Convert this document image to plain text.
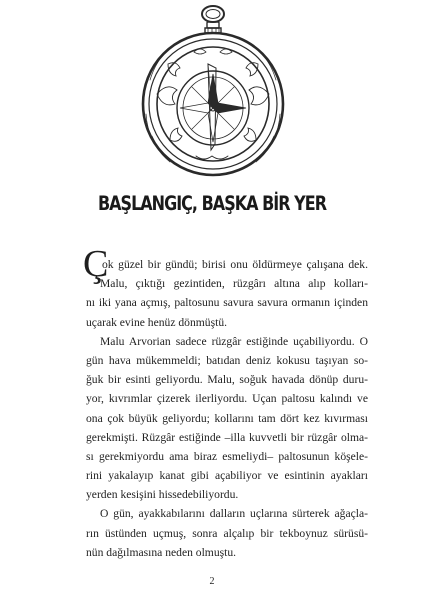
BAŞLANGIÇ, BAŞKA BİR YER
Ç
ok güzel bir gündü; birisi onu öldürmeye çalışana dek.
Malu, çıktığı gezintiden, rüzgârı altına alıp kolları-
nı iki yana açmış, paltosunu savura savura ormanın içinden
uçarak evine henüz dönmüştü.
Malu Arvorian sadece rüzgâr estiğinde uçabiliyordu. O
gün hava mükemmeldi; batıdan deniz kokusu taşıyan so-
ğuk bir esinti geliyordu. Malu, soğuk havada dönüp duru-
yor, kıvrımlar çizerek ilerliyordu. Uçan paltosu kalındı ve
ona çok büyük geliyordu; kollarını tam dört kez kıvırması
gerekmişti. Rüzgâr estiğinde –illa kuvvetli bir rüzgâr olma-
sı gerekmiyordu ama biraz esmeliydi– paltosunun köşele-
rini yakalayıp kanat gibi açabiliyor ve esintinin ayakları
yerden kesişini hissedebiliyordu.
O gün, ayakkabılarını dalların uçlarına sürterek ağaçla-
rın üstünden uçmuş, sonra alçalıp bir tekboynuz sürüsü-
nün dağılmasına neden olmuştu.
2
